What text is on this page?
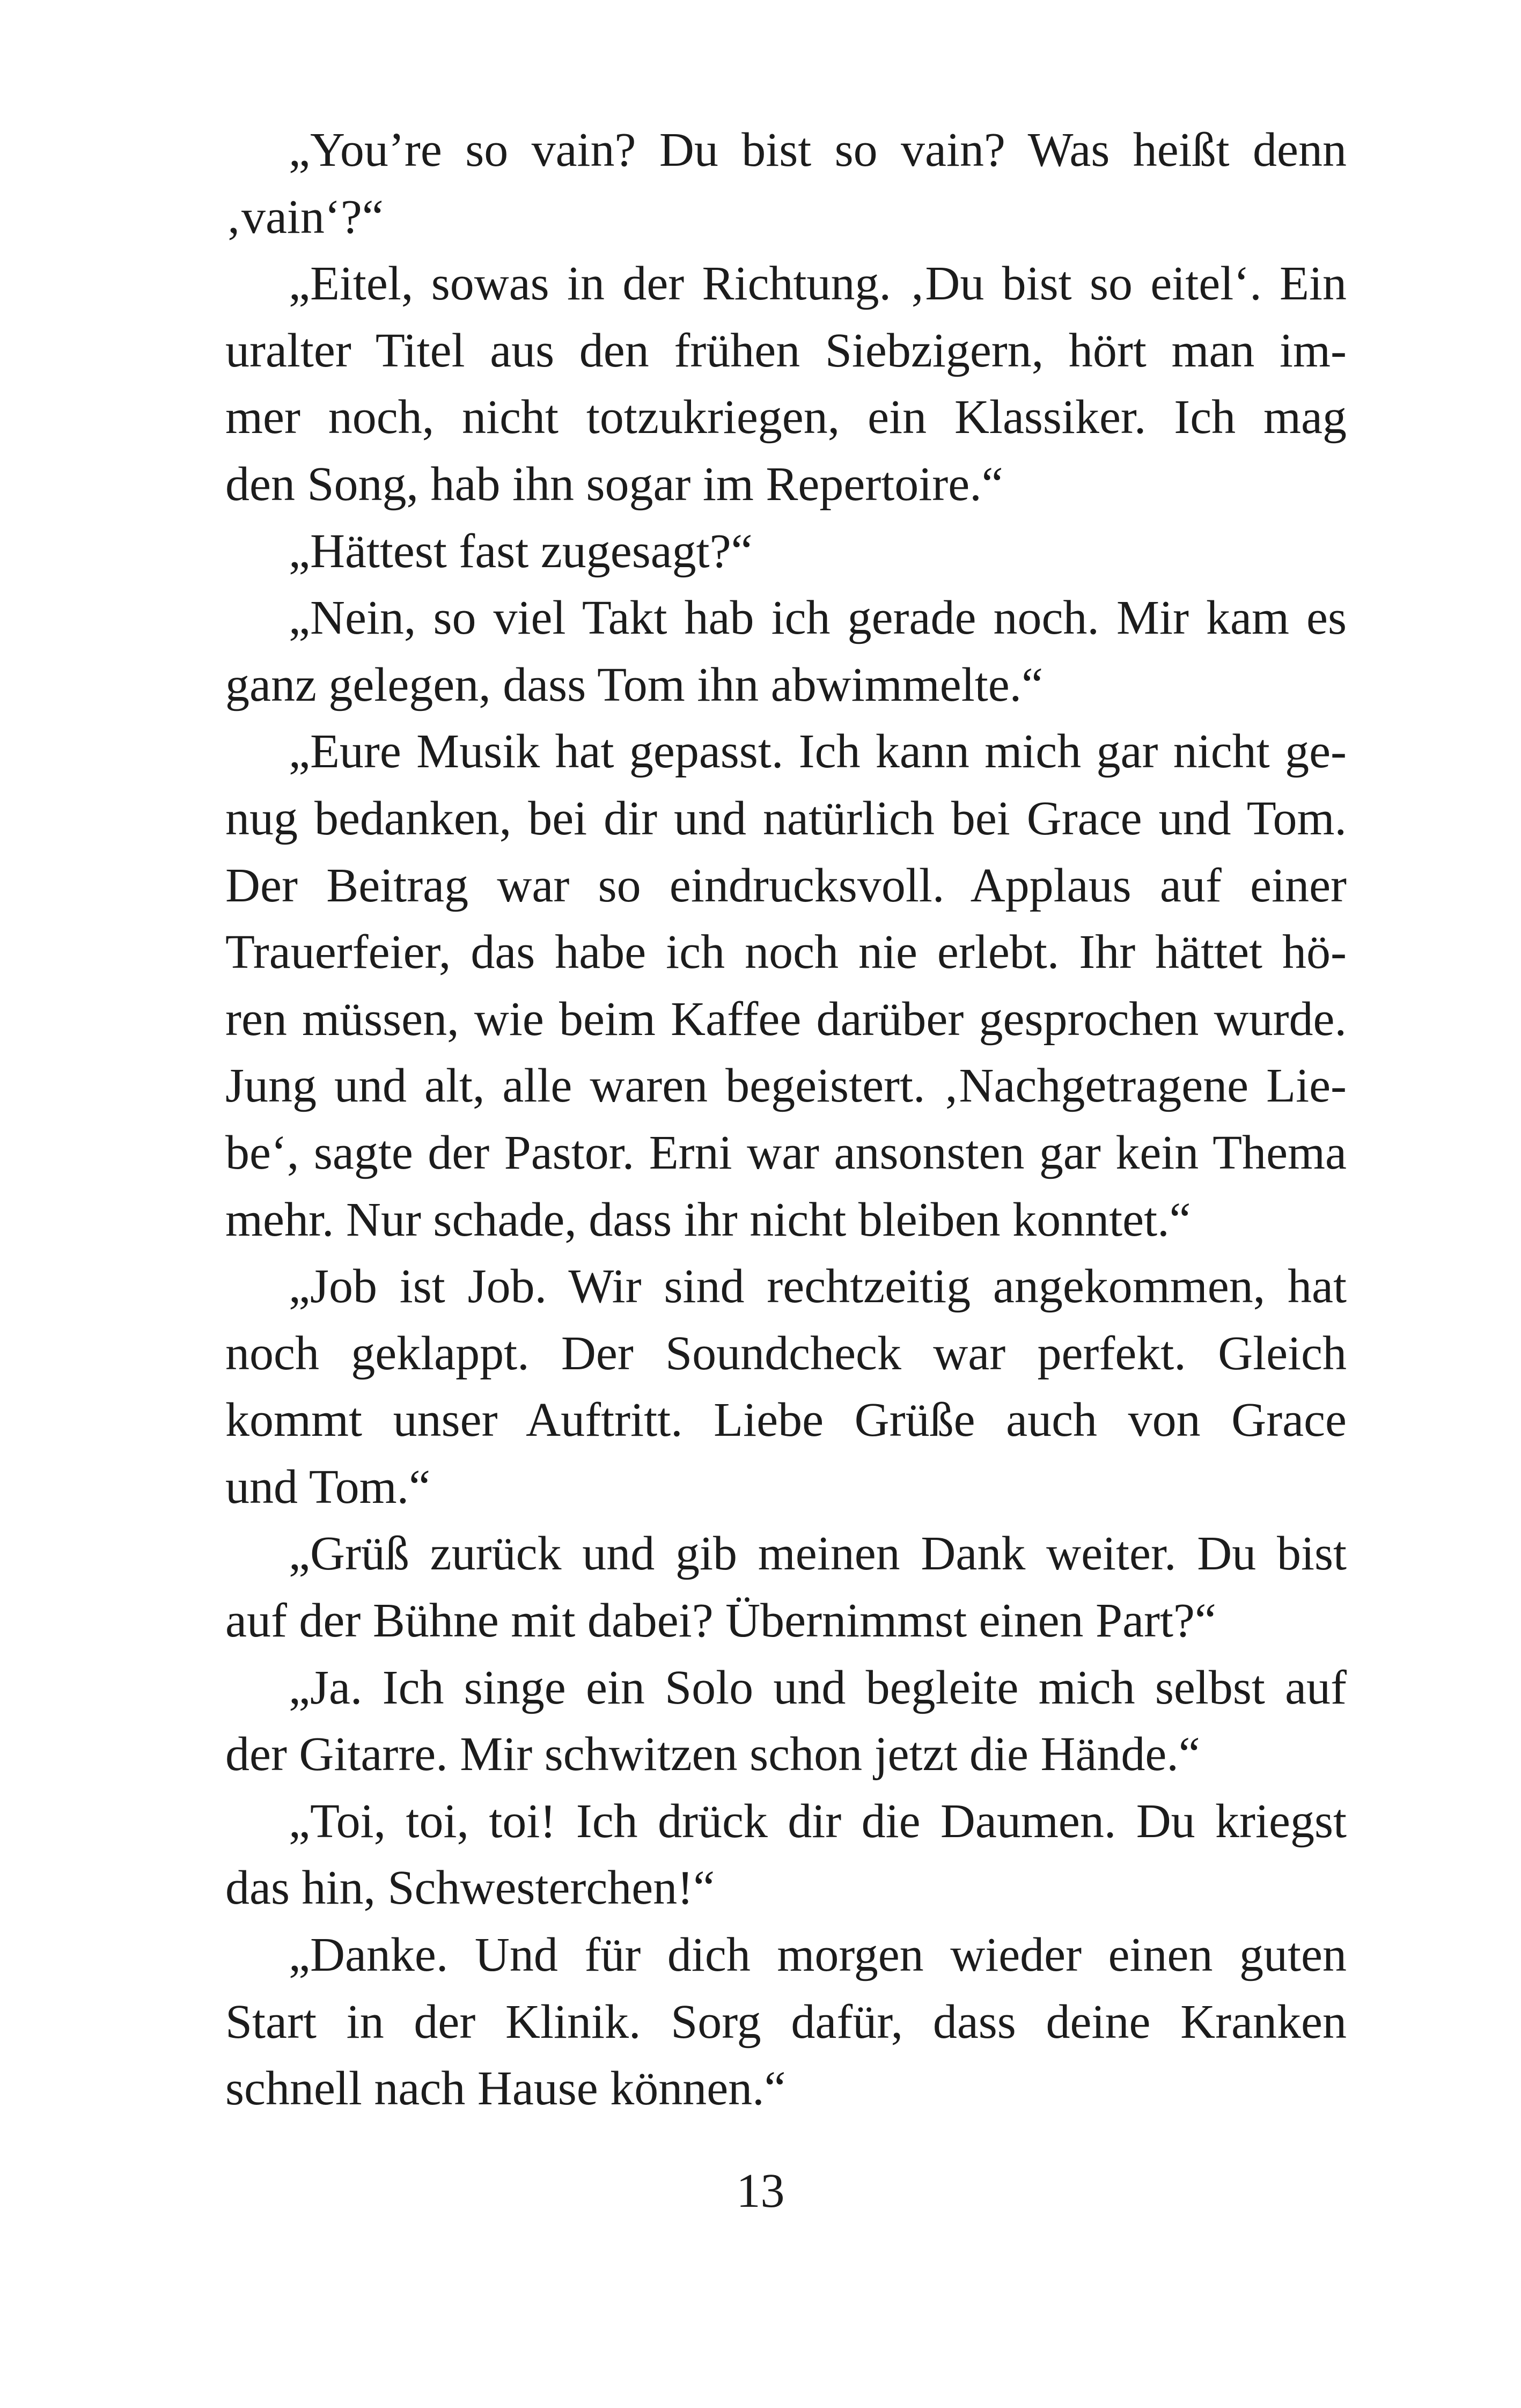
„You’re so vain? Du bist so vain? Was heißt denn
‚vain‘?“
„Eitel, sowas in der Richtung. ‚Du bist so eitel‘. Ein
uralter Titel aus den frühen Siebzigern, hört man im-
mer noch, nicht totzukriegen, ein Klassiker. Ich mag
den Song, hab ihn sogar im Repertoire.“
„Hättest fast zugesagt?“
„Nein, so viel Takt hab ich gerade noch. Mir kam es
ganz gelegen, dass Tom ihn abwimmelte.“
„Eure Musik hat gepasst. Ich kann mich gar nicht ge-
nug bedanken, bei dir und natürlich bei Grace und Tom.
Der Beitrag war so eindrucksvoll. Applaus auf einer
Trauerfeier, das habe ich noch nie erlebt. Ihr hättet hö-
ren müssen, wie beim Kaffee darüber gesprochen wurde.
Jung und alt, alle waren begeistert. ‚Nachgetragene Lie-
be‘, sagte der Pastor. Erni war ansonsten gar kein Thema
mehr. Nur schade, dass ihr nicht bleiben konntet.“
„Job ist Job. Wir sind rechtzeitig angekommen, hat
noch geklappt. Der Soundcheck war perfekt. Gleich
kommt unser Auftritt. Liebe Grüße auch von Grace
und Tom.“
„Grüß zurück und gib meinen Dank weiter. Du bist
auf der Bühne mit dabei? Übernimmst einen Part?“
„Ja. Ich singe ein Solo und begleite mich selbst auf
der Gitarre. Mir schwitzen schon jetzt die Hände.“
„Toi, toi, toi! Ich drück dir die Daumen. Du kriegst
das hin, Schwesterchen!“
„Danke. Und für dich morgen wieder einen guten
Start in der Klinik. Sorg dafür, dass deine Kranken
schnell nach Hause können.“
13
